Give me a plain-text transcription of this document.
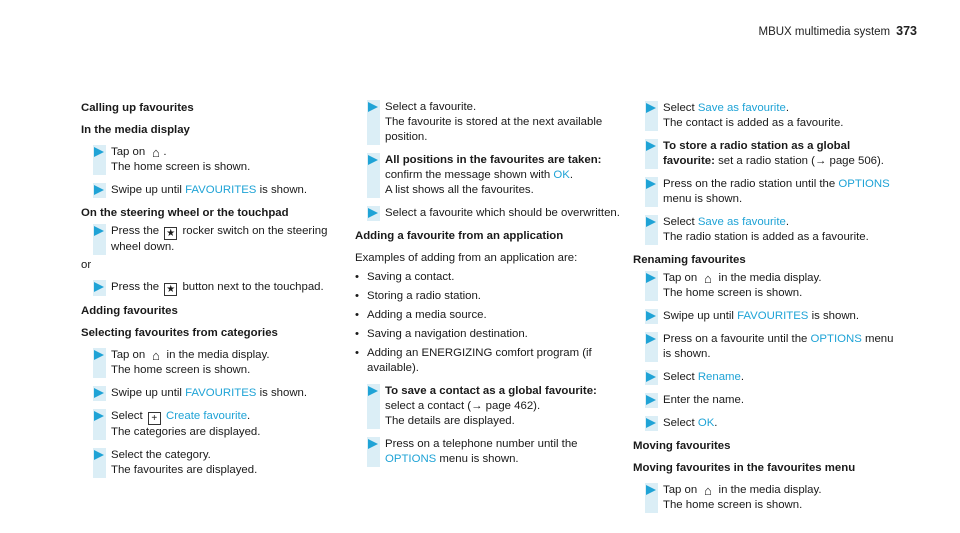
MBUX multimedia system 373

Calling up favourites

In the media display

Tap on ⌂ .
The home screen is shown.
Swipe up until FAVOURITES is shown.

On the steering wheel or the touchpad

Press the ★ rocker switch on the steering wheel down.

or

Press the ★ button next to the touchpad.

Adding favourites

Selecting favourites from categories

Tap on ⌂ in the media display.
The home screen is shown.
Swipe up until FAVOURITES is shown.
Select + Create favourite.
The categories are displayed.
Select the category.
The favourites are displayed.
Select a favourite.
The favourite is stored at the next available position.
All positions in the favourites are taken: confirm the message shown with OK.
A list shows all the favourites.
Select a favourite which should be overwritten.

Adding a favourite from an application

Examples of adding from an application are:

• Saving a contact.
• Storing a radio station.
• Adding a media source.
• Saving a navigation destination.
• Adding an ENERGIZING comfort program (if available).
To save a contact as a global favourite: select a contact (→ page 462).
The details are displayed.
Press on a telephone number until the OPTIONS menu is shown.
Select Save as favourite.
The contact is added as a favourite.
To store a radio station as a global favourite: set a radio station (→ page 506).
Press on the radio station until the OPTIONS menu is shown.
Select Save as favourite.
The radio station is added as a favourite.

Renaming favourites

Tap on ⌂ in the media display.
The home screen is shown.
Swipe up until FAVOURITES is shown.
Press on a favourite until the OPTIONS menu is shown.
Select Rename.
Enter the name.
Select OK.

Moving favourites

Moving favourites in the favourites menu

Tap on ⌂ in the media display.
The home screen is shown.
